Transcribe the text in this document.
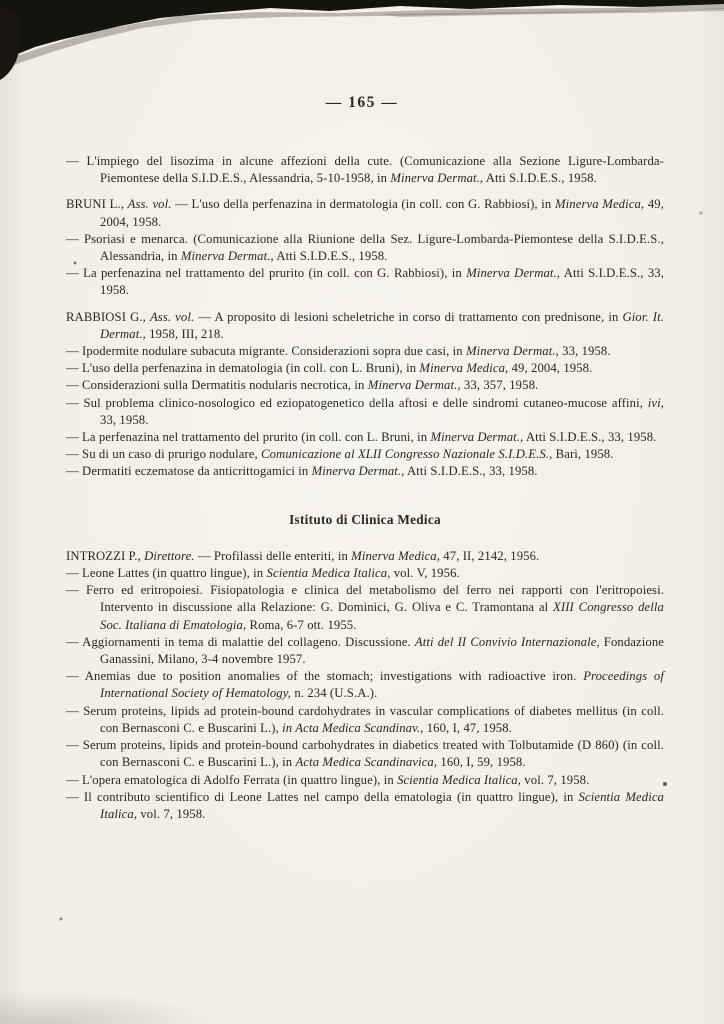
— 165 —

— L'impiego del lisozima in alcune affezioni della cute. (Comunicazione alla Sezione Ligure-Lombarda-Piemontese della S.I.D.E.S., Alessandria, 5-10-1958, in Minerva Dermat., Atti S.I.D.E.S., 1958.

BRUNI L., Ass. vol. — L'uso della perfenazina in dermatologia (in coll. con G. Rabbiosi), in Minerva Medica, 49, 2004, 1958.

— Psoriasi e menarca. (Comunicazione alla Riunione della Sez. Ligure-Lombarda-Piemontese della S.I.D.E.S., Alessandria, in Minerva Dermat., Atti S.I.D.E.S., 1958.

— La perfenazina nel trattamento del prurito (in coll. con G. Rabbiosi), in Minerva Dermat., Atti S.I.D.E.S., 33, 1958.

RABBIOSI G., Ass. vol. — A proposito di lesioni scheletriche in corso di trattamento con prednisone, in Gior. It. Dermat., 1958, III, 218.

— Ipodermite nodulare subacuta migrante. Considerazioni sopra due casi, in Minerva Dermat., 33, 1958.

— L'uso della perfenazina in dematologia (in coll. con L. Bruni), in Minerva Medica, 49, 2004, 1958.

— Considerazioni sulla Dermatitis nodularis necrotica, in Minerva Dermat., 33, 357, 1958.

— Sul problema clinico-nosologico ed eziopatogenetico della aftosi e delle sindromi cutaneo-mucose affini, ivi, 33, 1958.

— La perfenazina nel trattamento del prurito (in coll. con L. Bruni, in Minerva Dermat., Atti S.I.D.E.S., 33, 1958.

— Su di un caso di prurigo nodulare, Comunicazione al XLII Congresso Nazionale S.I.D.E.S., Bari, 1958.

— Dermatiti eczematose da anticrittogamici in Minerva Dermat., Atti S.I.D.E.S., 33, 1958.

Istituto di Clinica Medica

INTROZZI P., Direttore. — Profilassi delle enteriti, in Minerva Medica, 47, II, 2142, 1956.

— Leone Lattes (in quattro lingue), in Scientia Medica Italica, vol. V, 1956.

— Ferro ed eritropoiesi. Fisiopatologia e clinica del metabolismo del ferro nei rapporti con l'eritropoiesi. Intervento in discussione alla Relazione: G. Dominici, G. Oliva e C. Tramontana al XIII Congresso della Soc. Italiana di Ematologia, Roma, 6-7 ott. 1955.

— Aggiornamenti in tema di malattie del collageno. Discussione. Atti del II Convivio Internazionale, Fondazione Ganassini, Milano, 3-4 novembre 1957.

— Anemias due to position anomalies of the stomach; investigations with radioactive iron. Proceedings of International Society of Hematology, n. 234 (U.S.A.).

— Serum proteins, lipids ad protein-bound cardohydrates in vascular complications of diabetes mellitus (in coll. con Bernasconi C. e Buscarini L.), in Acta Medica Scandinav., 160, I, 47, 1958.

— Serum proteins, lipids and protein-bound carbohydrates in diabetics treated with Tolbutamide (D 860) (in coll. con Bernasconi C. e Buscarini L.), in Acta Medica Scandinavica, 160, I, 59, 1958.

— L'opera ematologica di Adolfo Ferrata (in quattro lingue), in Scientia Medica Italica, vol. 7, 1958.

— Il contributo scientifico di Leone Lattes nel campo della ematologia (in quattro lingue), in Scientia Medica Italica, vol. 7, 1958.
